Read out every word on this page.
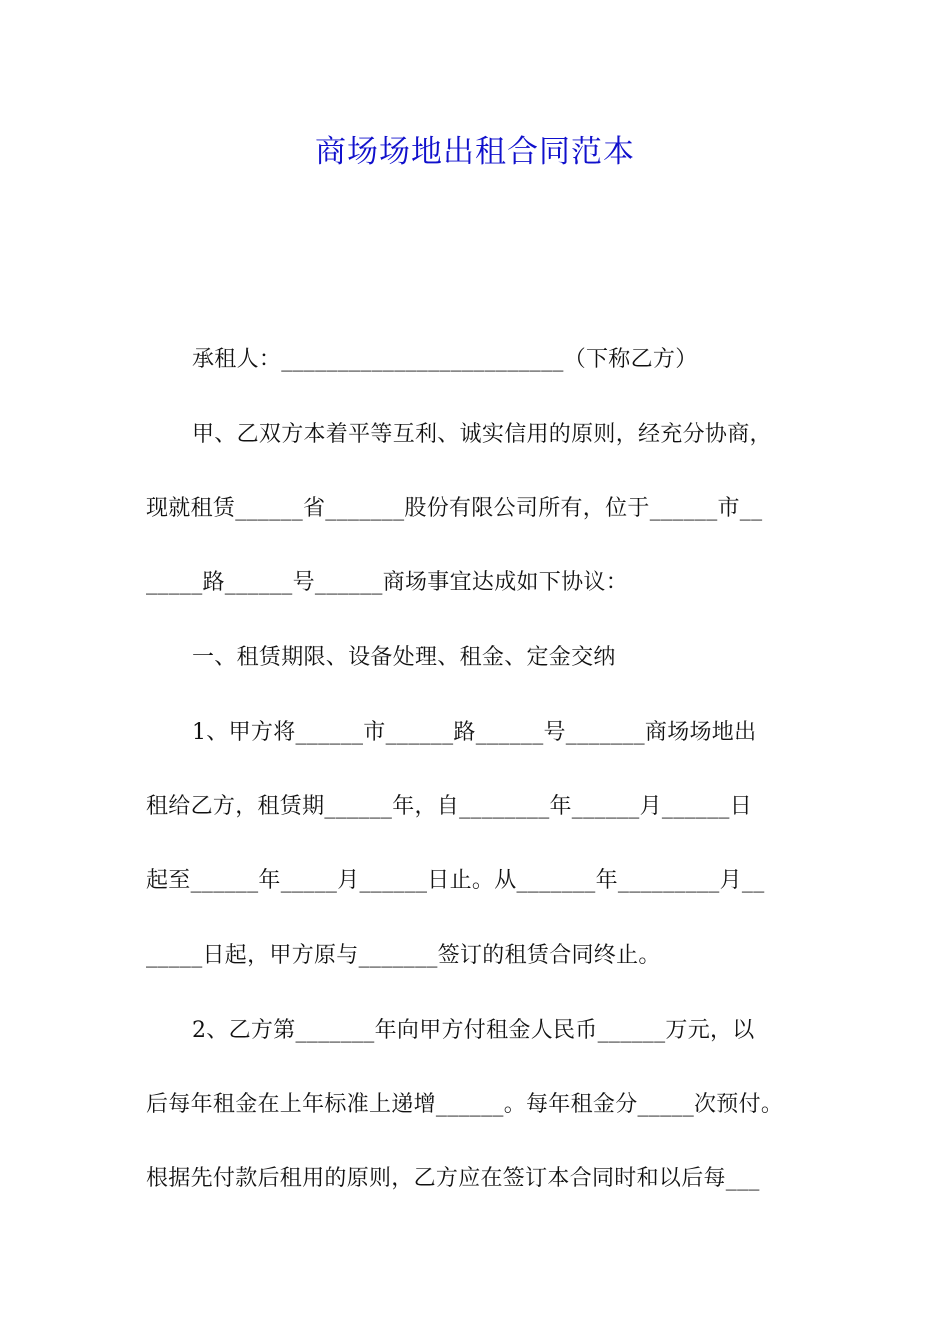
商场场地出租合同范本
承租人：_________________________（下称乙方）
甲、乙双方本着平等互利、诚实信用的原则，经充分协商，
现就租赁______省_______股份有限公司所有，位于______市__
_____路______号______商场事宜达成如下协议：
一、租赁期限、设备处理、租金、定金交纳
1、甲方将______市______路______号_______商场场地出
租给乙方，租赁期______年，自________年______月______日
起至______年_____月______日止。从_______年_________月__
_____日起，甲方原与_______签订的租赁合同终止。
2、乙方第_______年向甲方付租金人民币______万元，以
后每年租金在上年标准上递增______。每年租金分_____次预付。
根据先付款后租用的原则，乙方应在签订本合同时和以后每___
